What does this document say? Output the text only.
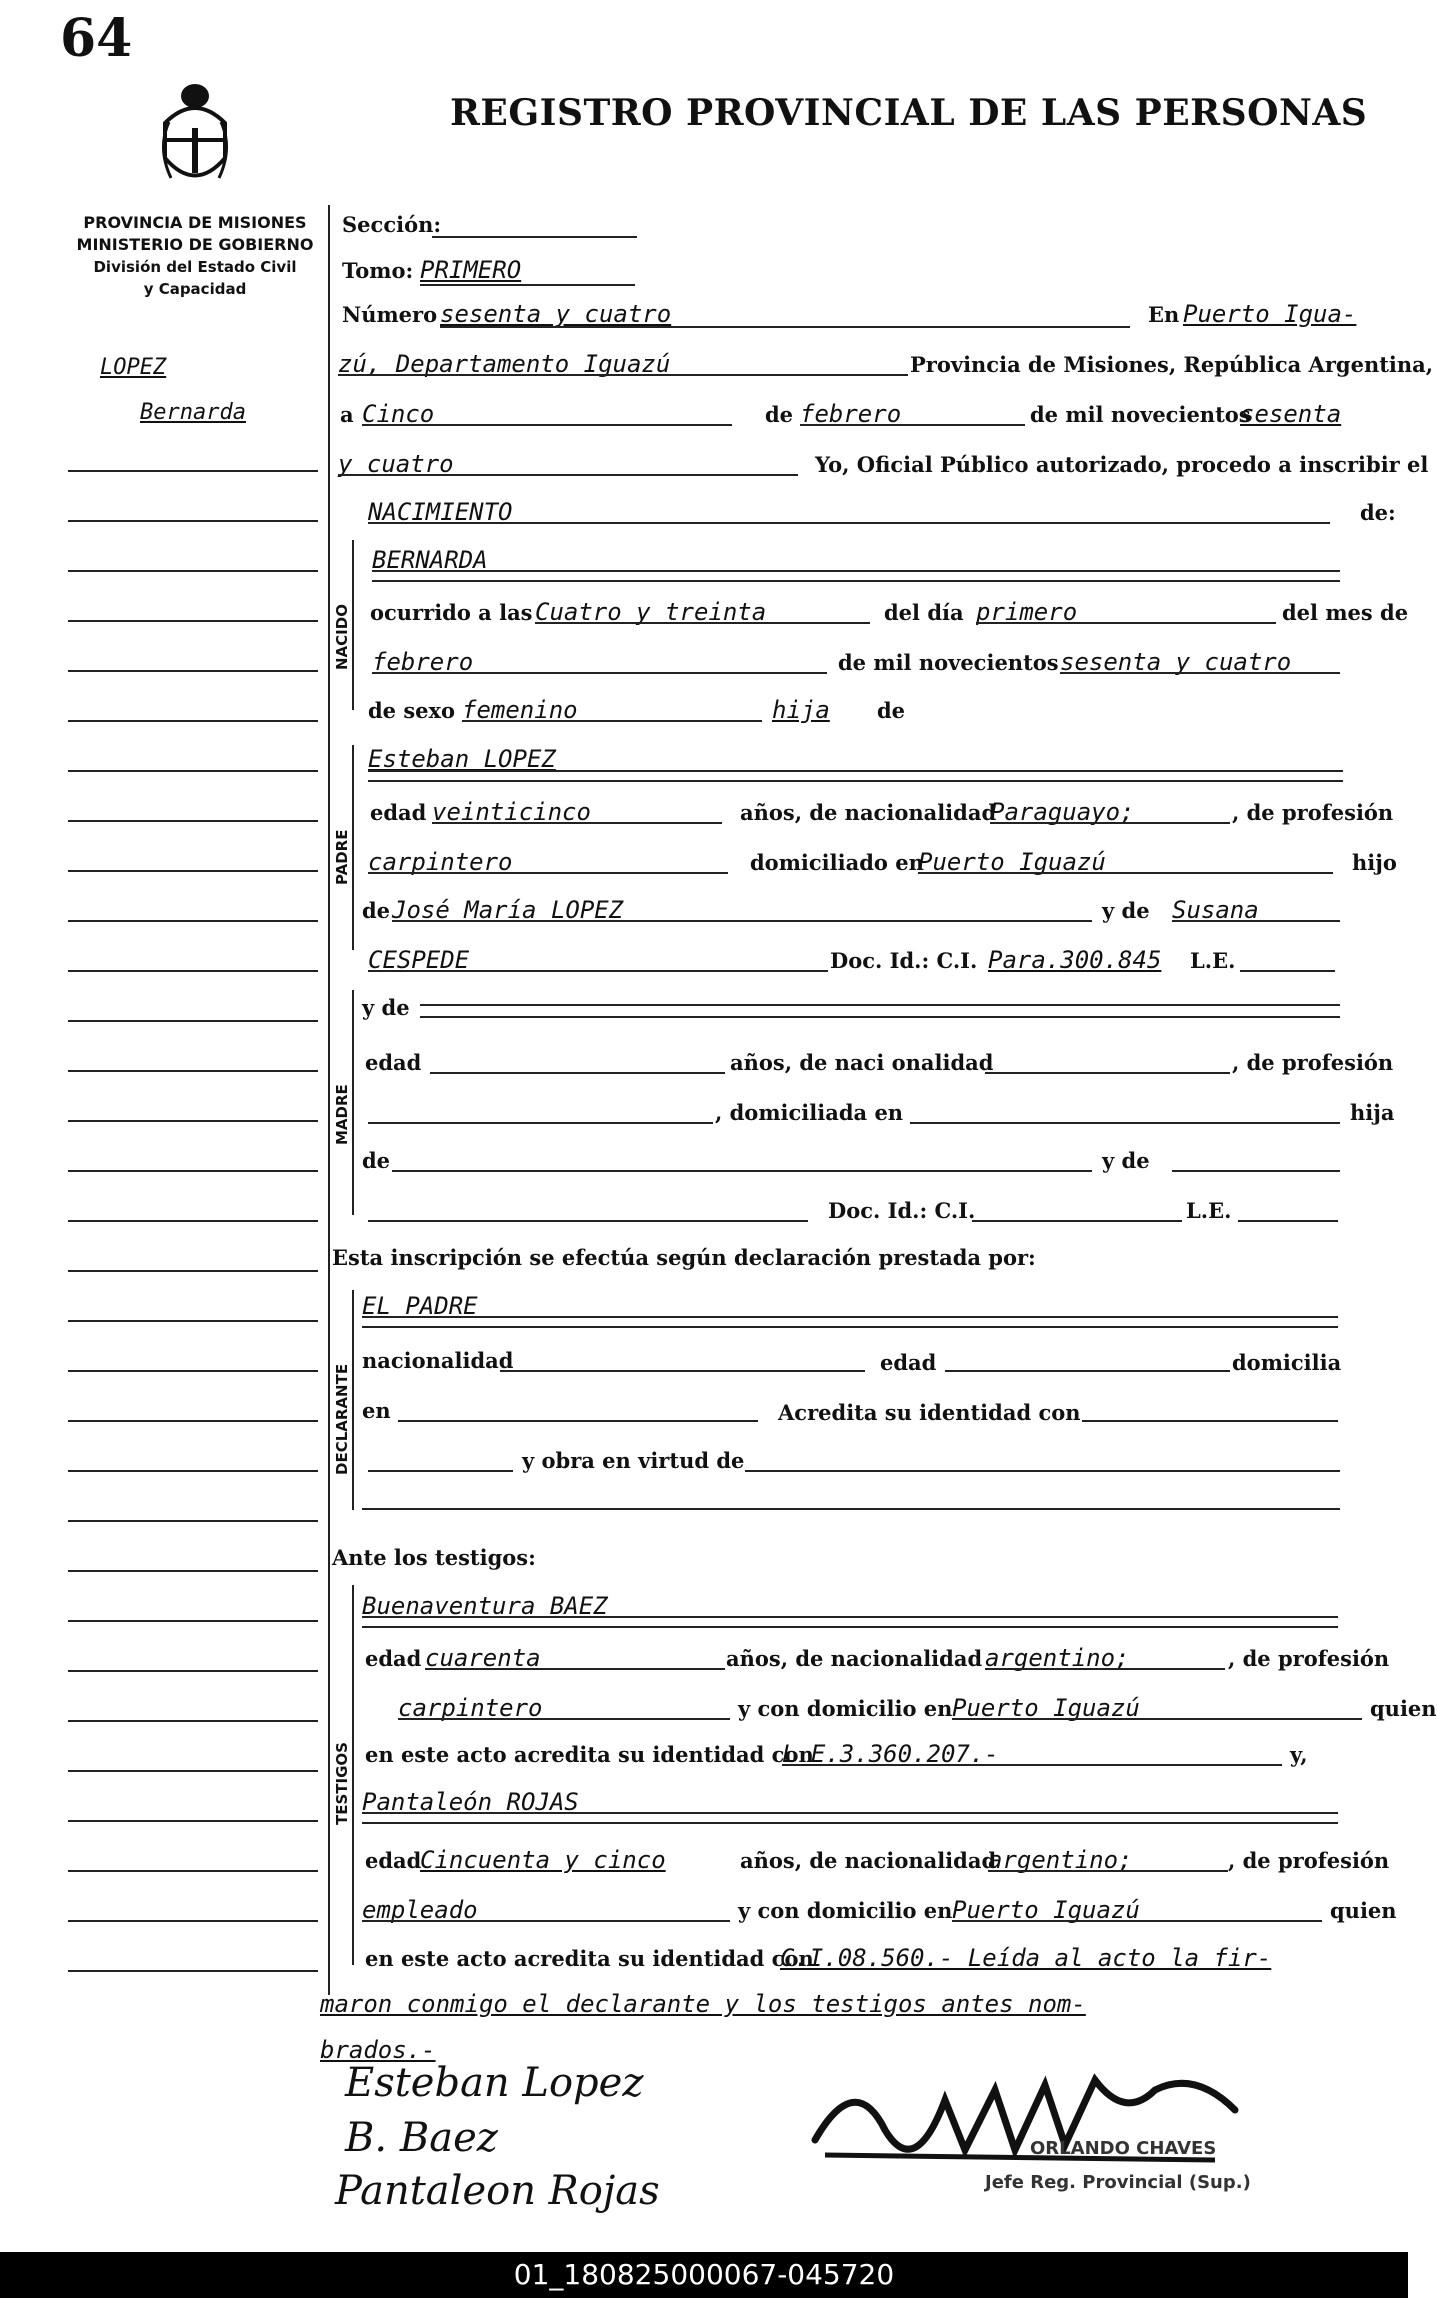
64
REGISTRO PROVINCIAL DE LAS PERSONAS
PROVINCIA DE MISIONES
MINISTERIO DE GOBIERNO
División del Estado Civil
y Capacidad
NACIDO
PADRE
MADRE
DECLARANTE
TESTIGOS
LOPEZ
Bernarda
Sección:
Tomo: PRIMERO
Número sesenta y cuatro	En Puerto Igua-
zú, Departamento Iguazú	Provincia de Misiones, República Argentina,
a Cinco	de febrero	de mil novecientos
sesenta
y cuatro	Yo, Oficial Público autorizado, procedo a inscribir el
NACIMIENTO	de:
BERNARDA
ocurrido a las Cuatro y treinta	del día primero	del mes de
febrero	de mil novecientos sesenta y cuatro
de sexo femenino	hija de
Esteban LOPEZ
edad veinticinco	años, de nacionalidad
Paraguayo;	, de profesión
carpintero	domiciliado en
Puerto Iguazú	hijo
de José María LOPEZ	y de Susana
CESPEDE	Doc. Id.: C.I. Para.300.845 L.E.
y de
edad	años, de naci onalidad	, de profesión
, domiciliada en	hija
de	y de
Doc. Id.: C.I.	L.E.
Esta inscripción se efectúa según declaración prestada por:
EL PADRE
nacionalidad	edad	domicilia
en	Acredita su identidad con
y obra en virtud de
Ante los testigos:
Buenaventura BAEZ
edad cuarenta	años, de nacionalidad argentino;	, de profesión
carpintero	y con domicilio en Puerto Iguazú	quien
en este acto acredita su identidad con
L.E.3.360.207.-	y,
Pantaleón ROJAS
edad
Cincuenta y cinco	años, de nacionalidad
argentino;	, de profesión
empleado	y con domicilio en Puerto Iguazú	quien
en este acto acredita su identidad con
C.I.08.560.- Leída al acto la fir-
maron conmigo el declarante y los testigos antes nom-
brados.-
Esteban Lopez
B. Baez
Pantaleon Rojas
ORLANDO CHAVES
Jefe Reg. Provincial (Sup.)
01_180825000067-045720
